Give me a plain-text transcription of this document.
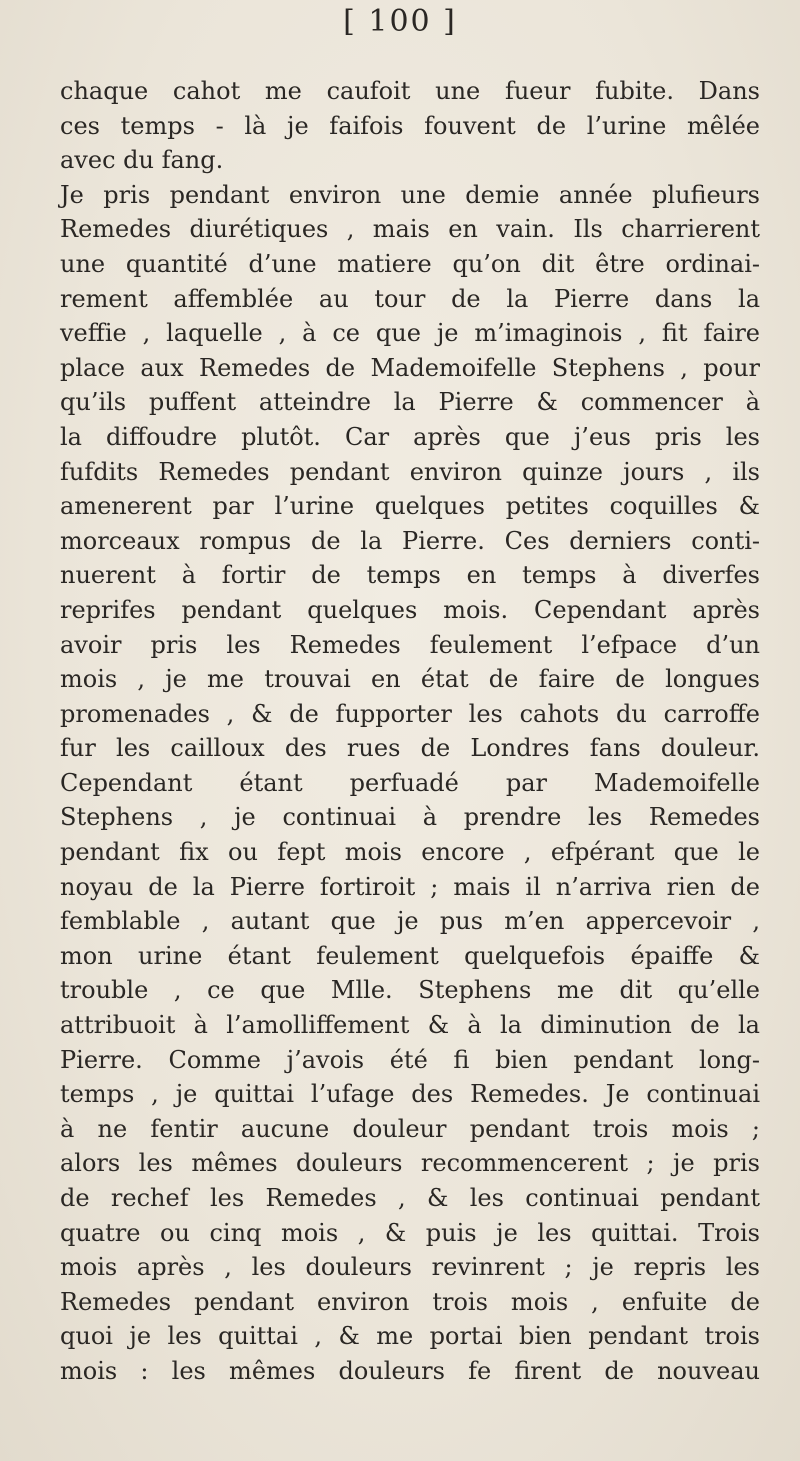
[ 100 ]
chaque cahot me caufoit une fueur fubite. Dans
ces temps - là je faifois fouvent de l’urine mêlée
avec du fang.
Je pris pendant environ une demie année plufieurs
Remedes diurétiques , mais en vain. Ils charrierent
une quantité d’une matiere qu’on dit être ordinai-
rement affemblée au tour de la Pierre dans la
veffie , laquelle , à ce que je m’imaginois , fit faire
place aux Remedes de Mademoifelle Stephens , pour
qu’ils puffent atteindre la Pierre & commencer à
la diffoudre plutôt. Car après que j’eus pris les
fufdits Remedes pendant environ quinze jours , ils
amenerent par l’urine quelques petites coquilles &
morceaux rompus de la Pierre. Ces derniers conti-
nuerent à fortir de temps en temps à diverfes
reprifes pendant quelques mois. Cependant après
avoir pris les Remedes feulement l’efpace d’un
mois , je me trouvai en état de faire de longues
promenades , & de fupporter les cahots du carroffe
fur les cailloux des rues de Londres fans douleur.
Cependant étant perfuadé par Mademoifelle
Stephens , je continuai à prendre les Remedes
pendant fix ou fept mois encore , efpérant que le
noyau de la Pierre fortiroit ; mais il n’arriva rien de
femblable , autant que je pus m’en appercevoir ,
mon urine étant feulement quelquefois épaiffe &
trouble , ce que Mlle. Stephens me dit qu’elle
attribuoit à l’amolliffement & à la diminution de la
Pierre. Comme j’avois été fi bien pendant long-
temps , je quittai l’ufage des Remedes. Je continuai
à ne fentir aucune douleur pendant trois mois ;
alors les mêmes douleurs recommencerent ; je pris
de rechef les Remedes , & les continuai pendant
quatre ou cinq mois , & puis je les quittai. Trois
mois après , les douleurs revinrent ; je repris les
Remedes pendant environ trois mois , enfuite de
quoi je les quittai , & me portai bien pendant trois
mois : les mêmes douleurs fe firent de nouveau
